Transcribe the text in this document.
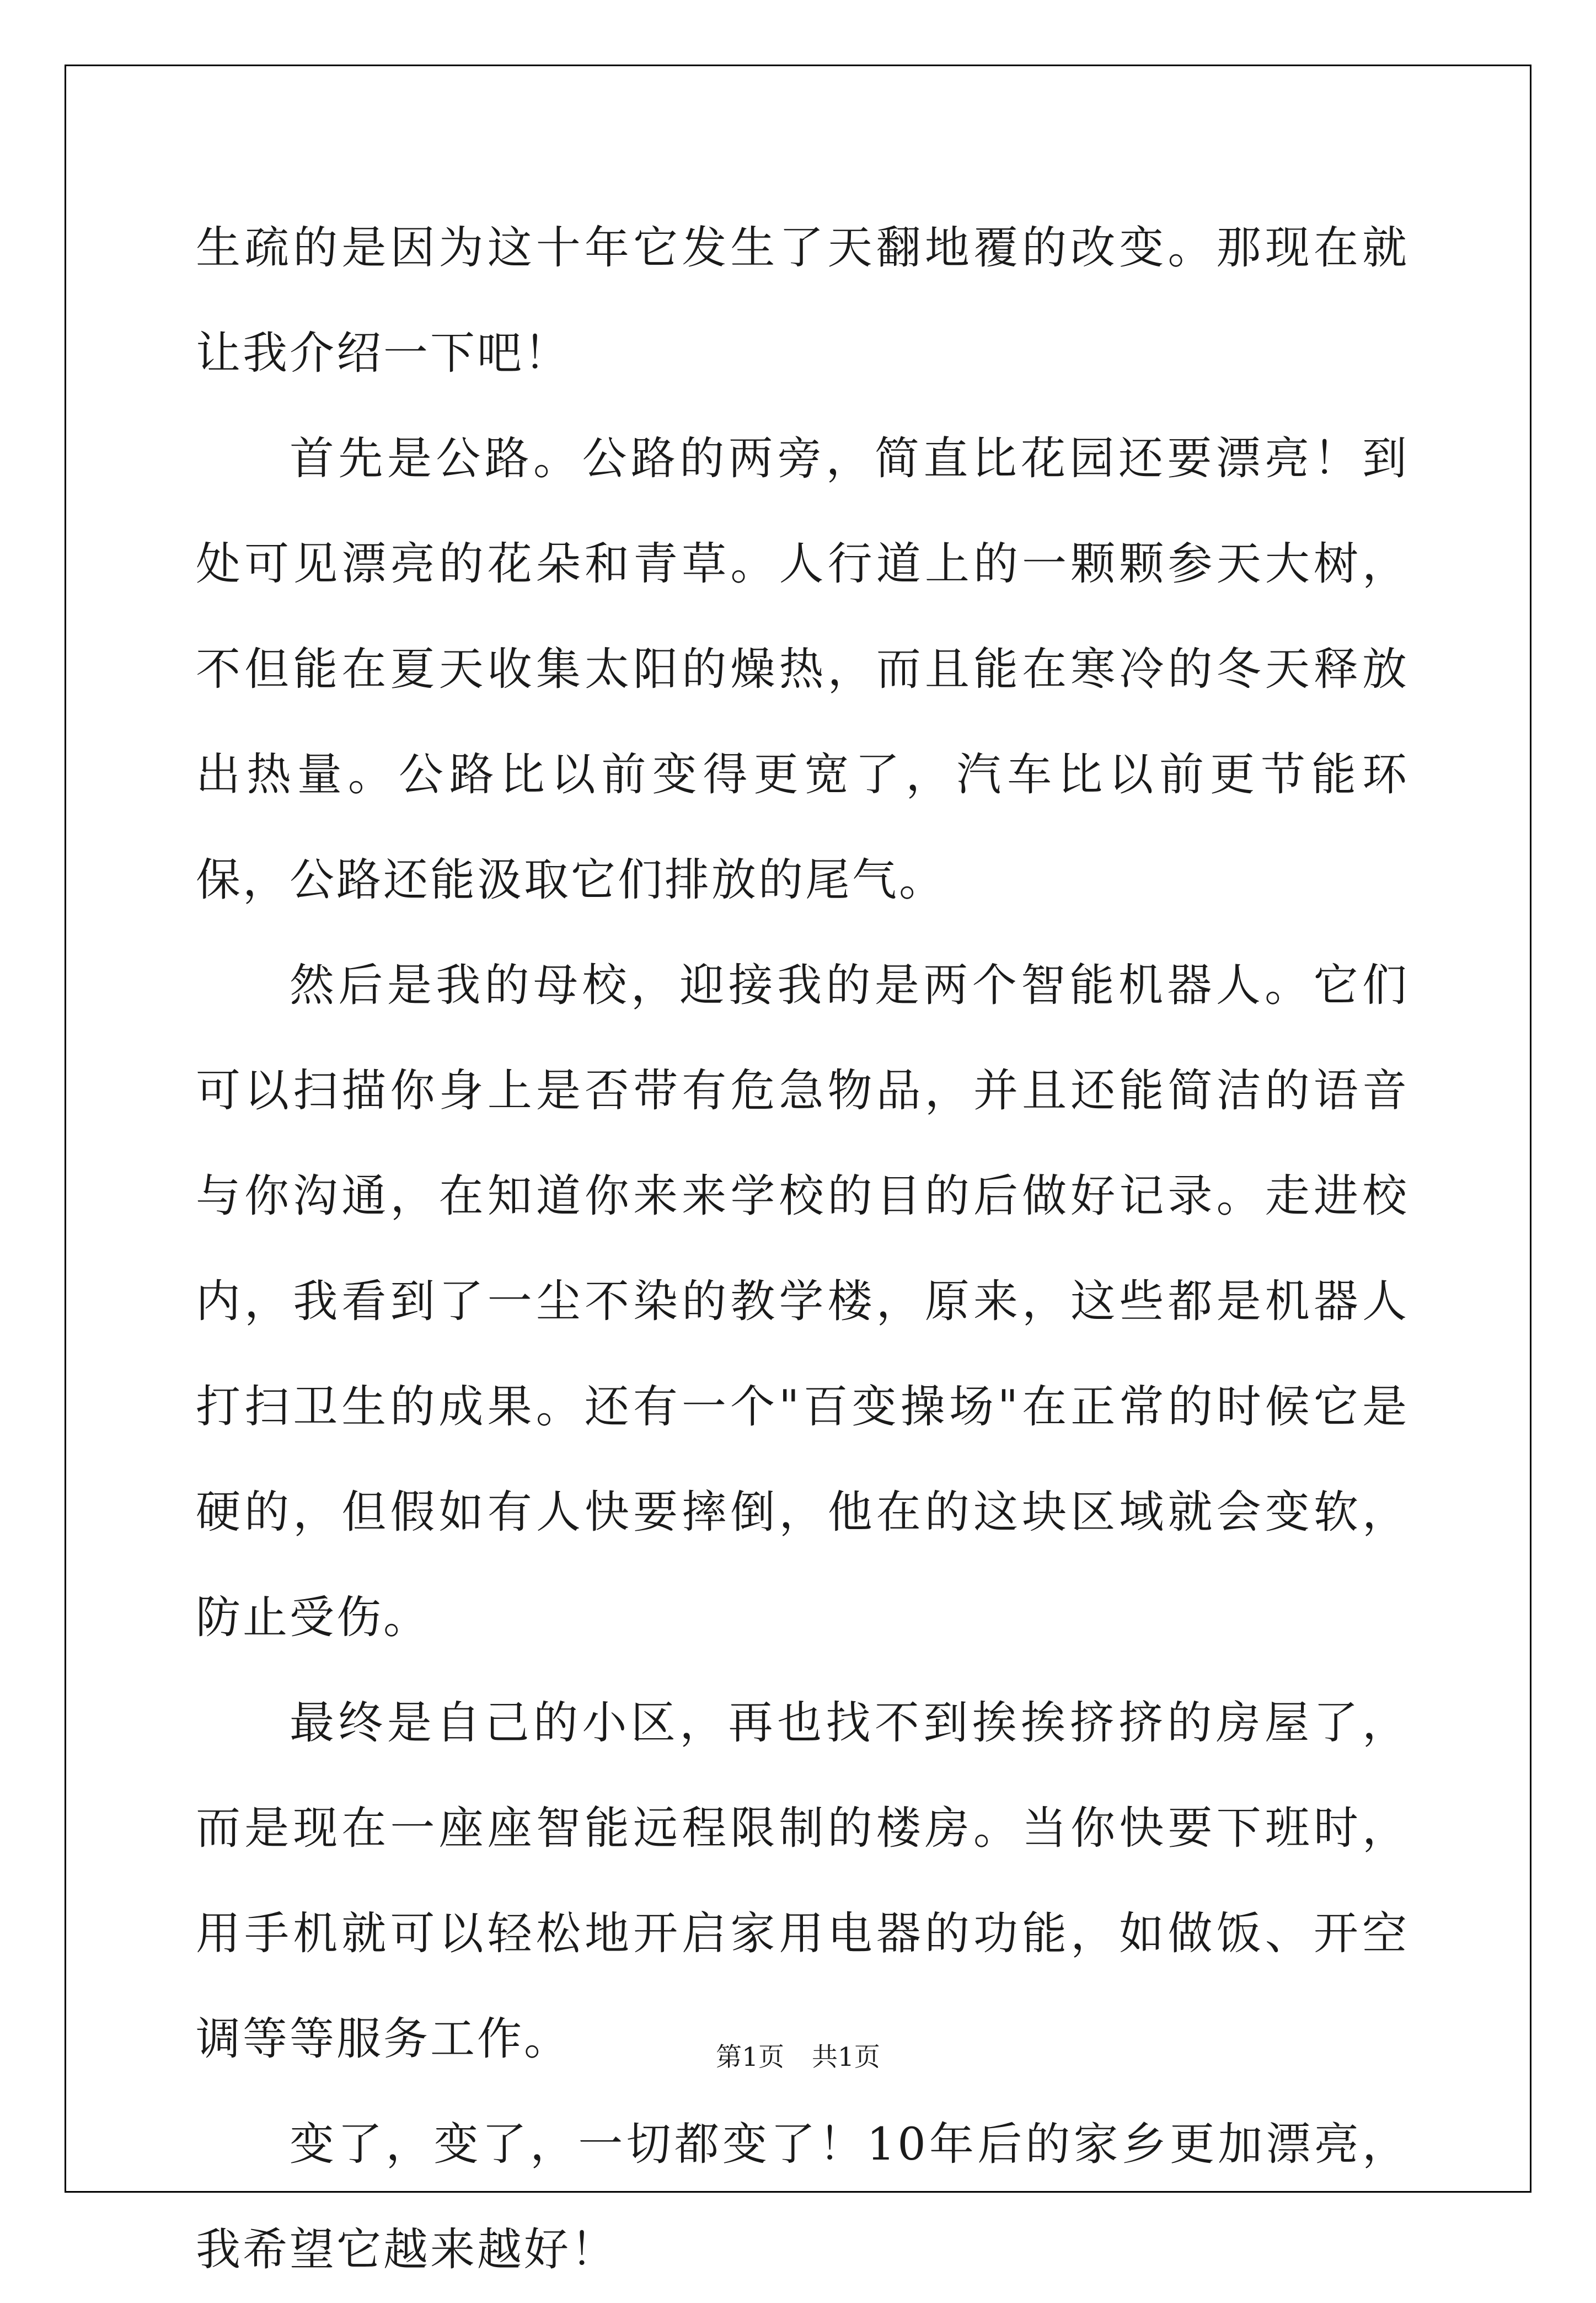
生疏的是因为这十年它发生了天翻地覆的改变。那现在就让我介绍一下吧！

首先是公路。公路的两旁，简直比花园还要漂亮！到处可见漂亮的花朵和青草。人行道上的一颗颗参天大树，不但能在夏天收集太阳的燥热，而且能在寒冷的冬天释放出热量。公路比以前变得更宽了，汽车比以前更节能环保，公路还能汲取它们排放的尾气。

然后是我的母校，迎接我的是两个智能机器人。它们可以扫描你身上是否带有危急物品，并且还能简洁的语音与你沟通，在知道你来来学校的目的后做好记录。走进校内，我看到了一尘不染的教学楼，原来，这些都是机器人打扫卫生的成果。还有一个"百变操场"在正常的时候它是硬的，但假如有人快要摔倒，他在的这块区域就会变软，防止受伤。

最终是自己的小区，再也找不到挨挨挤挤的房屋了，而是现在一座座智能远程限制的楼房。当你快要下班时，用手机就可以轻松地开启家用电器的功能，如做饭、开空调等等服务工作。

变了，变了，一切都变了！10年后的家乡更加漂亮，我希望它越来越好！

第1页 共1页
